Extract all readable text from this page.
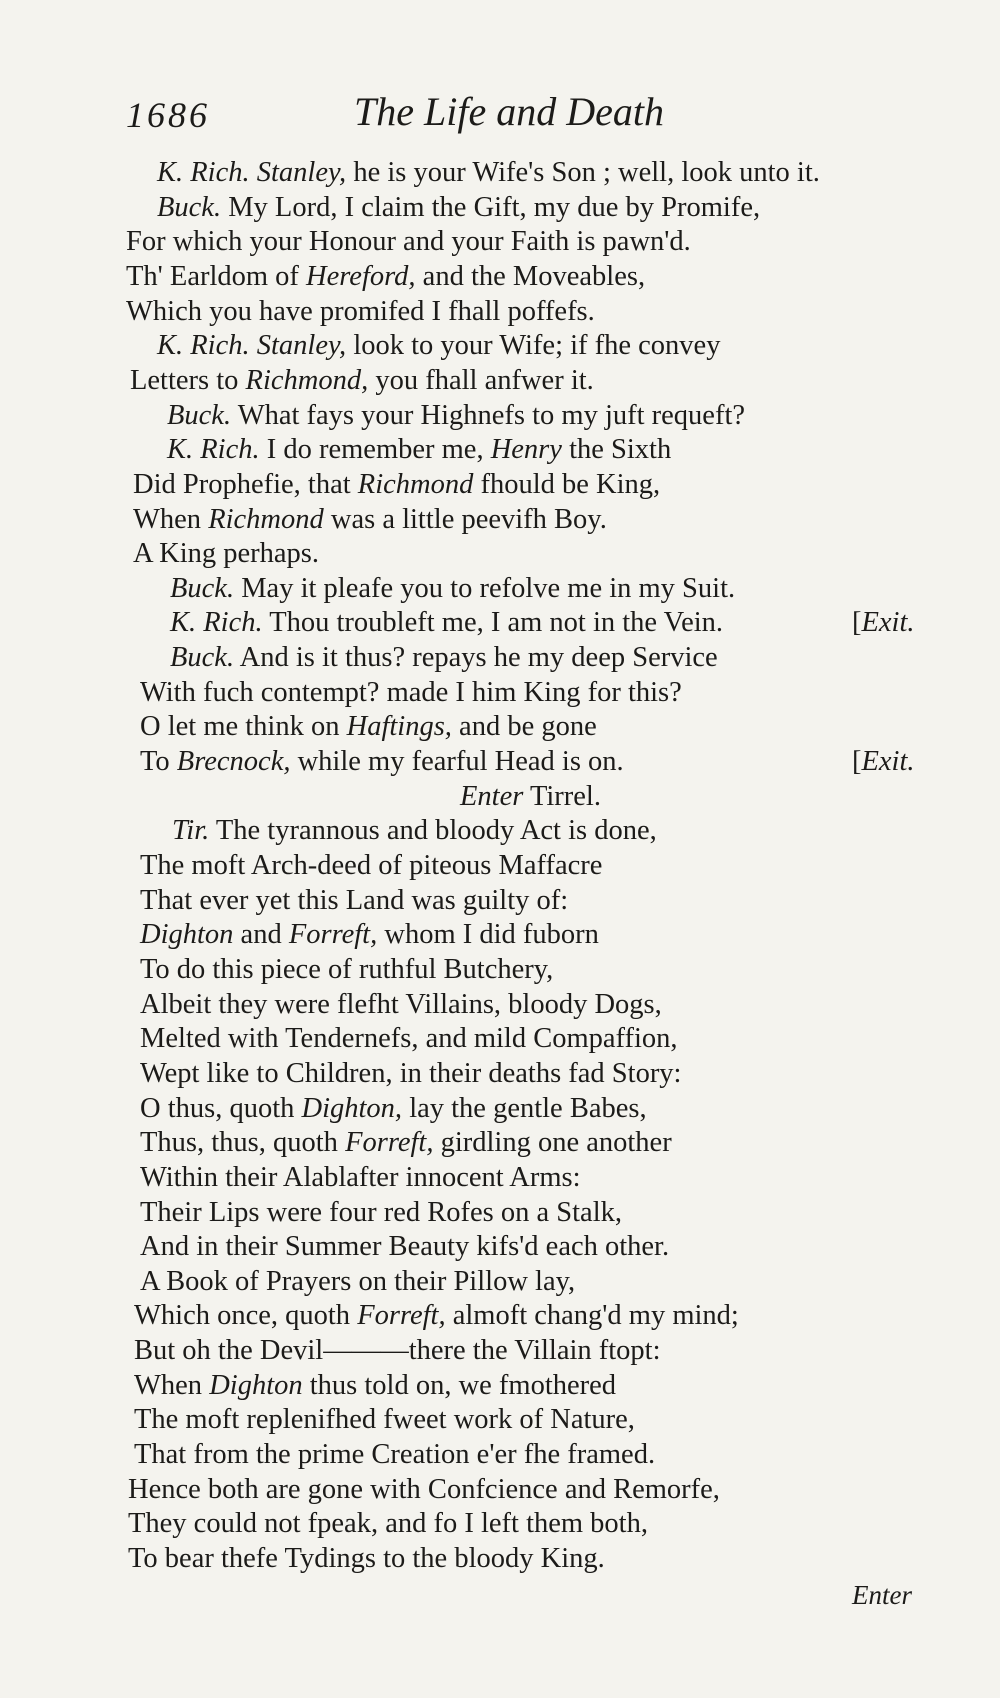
1686	The Life and Death
K. Rich. Stanley, he is your Wife's Son ; well, look unto it.
Buck. My Lord, I claim the Gift, my due by Promife,
For which your Honour and your Faith is pawn'd.
Th' Earldom of Hereford, and the Moveables,
Which you have promifed I fhall poffefs.
K. Rich. Stanley, look to your Wife; if fhe convey
Letters to Richmond, you fhall anfwer it.
Buck. What fays your Highnefs to my juft requeft?
K. Rich. I do remember me, Henry the Sixth
Did Prophefie, that Richmond fhould be King,
When Richmond was a little peevifh Boy.
A King perhaps.
Buck. May it pleafe you to refolve me in my Suit.
K. Rich. Thou troubleft me, I am not in the Vein.	[Exit.
Buck. And is it thus? repays he my deep Service
With fuch contempt? made I him King for this?
O let me think on Haftings, and be gone
To Brecnock, while my fearful Head is on.	[Exit.
Enter Tirrel.
Tir. The tyrannous and bloody Act is done,
The moft Arch-deed of piteous Maffacre
That ever yet this Land was guilty of:
Dighton and Forreft, whom I did fuborn
To do this piece of ruthful Butchery,
Albeit they were flefht Villains, bloody Dogs,
Melted with Tendernefs, and mild Compaffion,
Wept like to Children, in their deaths fad Story:
O thus, quoth Dighton, lay the gentle Babes,
Thus, thus, quoth Forreft, girdling one another
Within their Alablafter innocent Arms:
Their Lips were four red Rofes on a Stalk,
And in their Summer Beauty kifs'd each other.
A Book of Prayers on their Pillow lay,
Which once, quoth Forreft, almoft chang'd my mind;
But oh the Devil———there the Villain ftopt:
When Dighton thus told on, we fmothered
The moft replenifhed fweet work of Nature,
That from the prime Creation e'er fhe framed.
Hence both are gone with Confcience and Remorfe,
They could not fpeak, and fo I left them both,
To bear thefe Tydings to the bloody King.
Enter
